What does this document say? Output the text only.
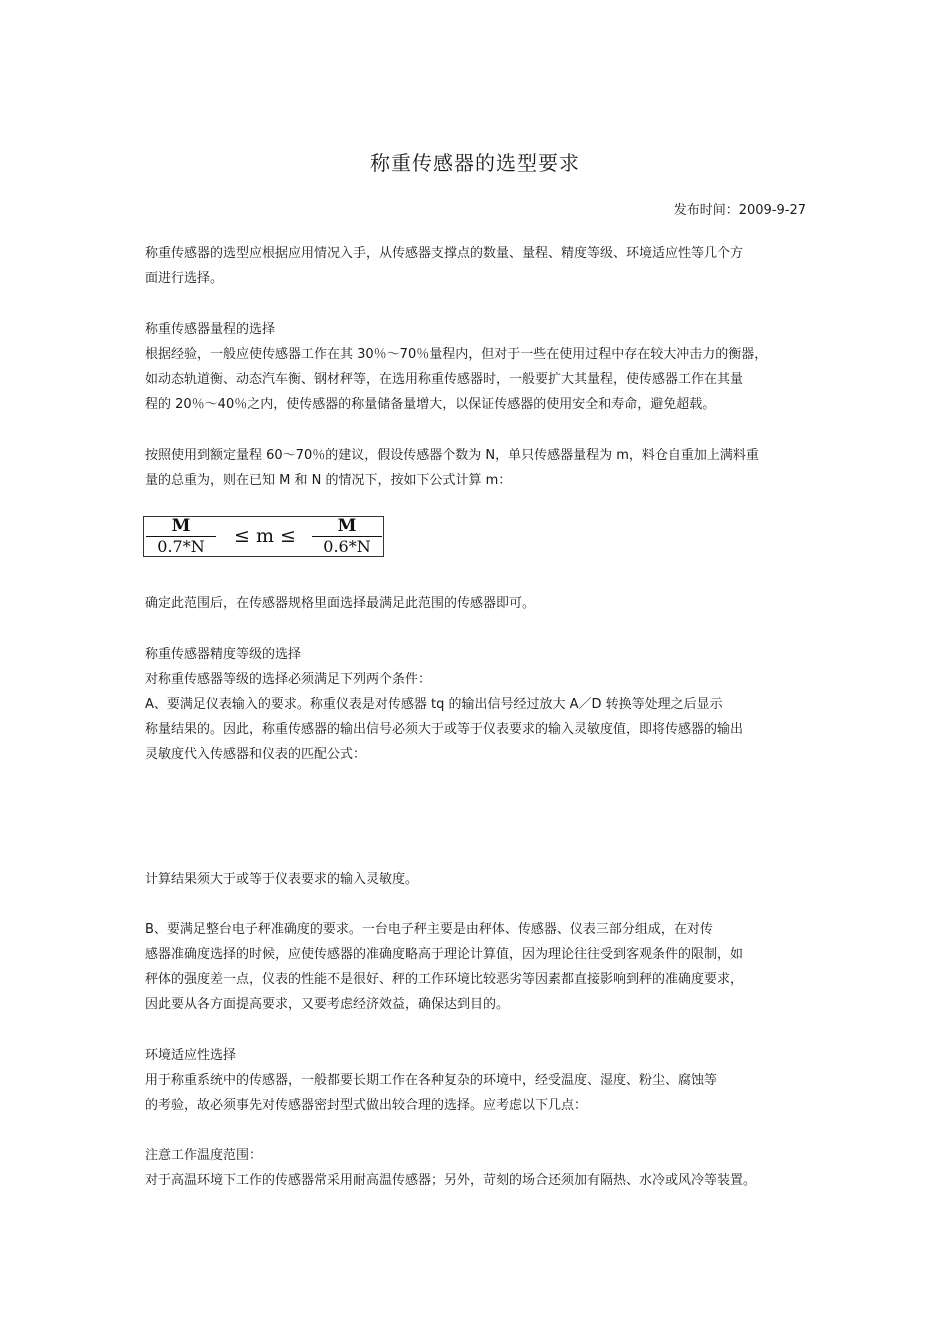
称重传感器的选型要求
发布时间：2009-9-27
称重传感器的选型应根据应用情况入手，从传感器支撑点的数量、量程、精度等级、环境适应性等几个方
面进行选择。
称重传感器量程的选择
根据经验，一般应使传感器工作在其 30％～70％量程内，但对于一些在使用过程中存在较大冲击力的衡器，
如动态轨道衡、动态汽车衡、钢材秤等，在选用称重传感器时，一般要扩大其量程，使传感器工作在其量
程的 20％～40％之内，使传感器的称量储备量增大，以保证传感器的使用安全和寿命，避免超载。
按照使用到额定量程 60～70％的建议，假设传感器个数为 N，单只传感器量程为 m，料仓自重加上满料重
量的总重为，则在已知 M 和 N 的情况下，按如下公式计算 m：
M
0.7*N	≤ m ≤	M
0.6*N
确定此范围后，在传感器规格里面选择最满足此范围的传感器即可。
称重传感器精度等级的选择
对称重传感器等级的选择必须满足下列两个条件：
A、要满足仪表输入的要求。称重仪表是对传感器 tq 的输出信号经过放大 A／D 转换等处理之后显示
称量结果的。因此，称重传感器的输出信号必须大于或等于仪表要求的输入灵敏度值，即将传感器的输出
灵敏度代入传感器和仪表的匹配公式：
计算结果须大于或等于仪表要求的输入灵敏度。
B、要满足整台电子秤准确度的要求。一台电子秤主要是由秤体、传感器、仪表三部分组成，在对传
感器准确度选择的时候，应使传感器的准确度略高于理论计算值，因为理论往往受到客观条件的限制，如
秤体的强度差一点，仪表的性能不是很好、秤的工作环境比较恶劣等因素都直接影响到秤的准确度要求，
因此要从各方面提高要求，又要考虑经济效益，确保达到目的。
环境适应性选择
用于称重系统中的传感器，一般都要长期工作在各种复杂的环境中，经受温度、湿度、粉尘、腐蚀等
的考验，故必须事先对传感器密封型式做出较合理的选择。应考虑以下几点：
注意工作温度范围：
对于高温环境下工作的传感器常采用耐高温传感器；另外，苛刻的场合还须加有隔热、水冷或风冷等装置。
